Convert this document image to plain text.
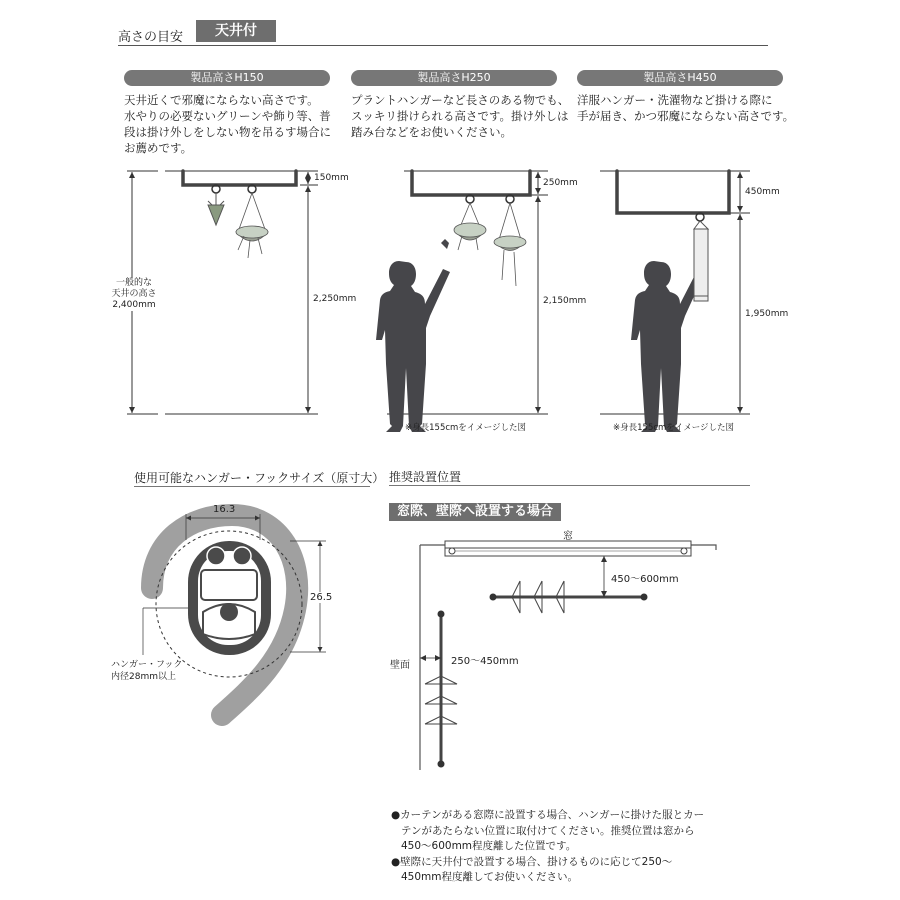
高さの目安	天井付
製品高さH150	製品高さH250	製品高さH450
天井近くで邪魔にならない高さです。
水やりの必要ないグリーンや飾り等、普
段は掛け外しをしない物を吊るす場合に
お薦めです。
プラントハンガーなど長さのある物でも、
スッキリ掛けられる高さです。掛け外しは
踏み台などをお使いください。
洋服ハンガー・洗濯物など掛ける際に
手が届き、かつ邪魔にならない高さです。
一般的な
天井の高さ
2,400mm
150mm
2,250mm
250mm
2,150mm
450mm
1,950mm
※身長155cmをイメージした図	※身長155cmをイメージした図
使用可能なハンガー・フックサイズ（原寸大）
16.3
26.5
ハンガー・フック
内径28mm以上
推奨設置位置
窓際、壁際へ設置する場合
窓
壁面
450〜600mm
250〜450mm

●カーテンがある窓際に設置する場合、ハンガーに掛けた服とカー
テンがあたらない位置に取付けてください。推奨位置は窓から
450〜600mm程度離した位置です。

●壁際に天井付で設置する場合、掛けるものに応じて250〜
450mm程度離してお使いください。
